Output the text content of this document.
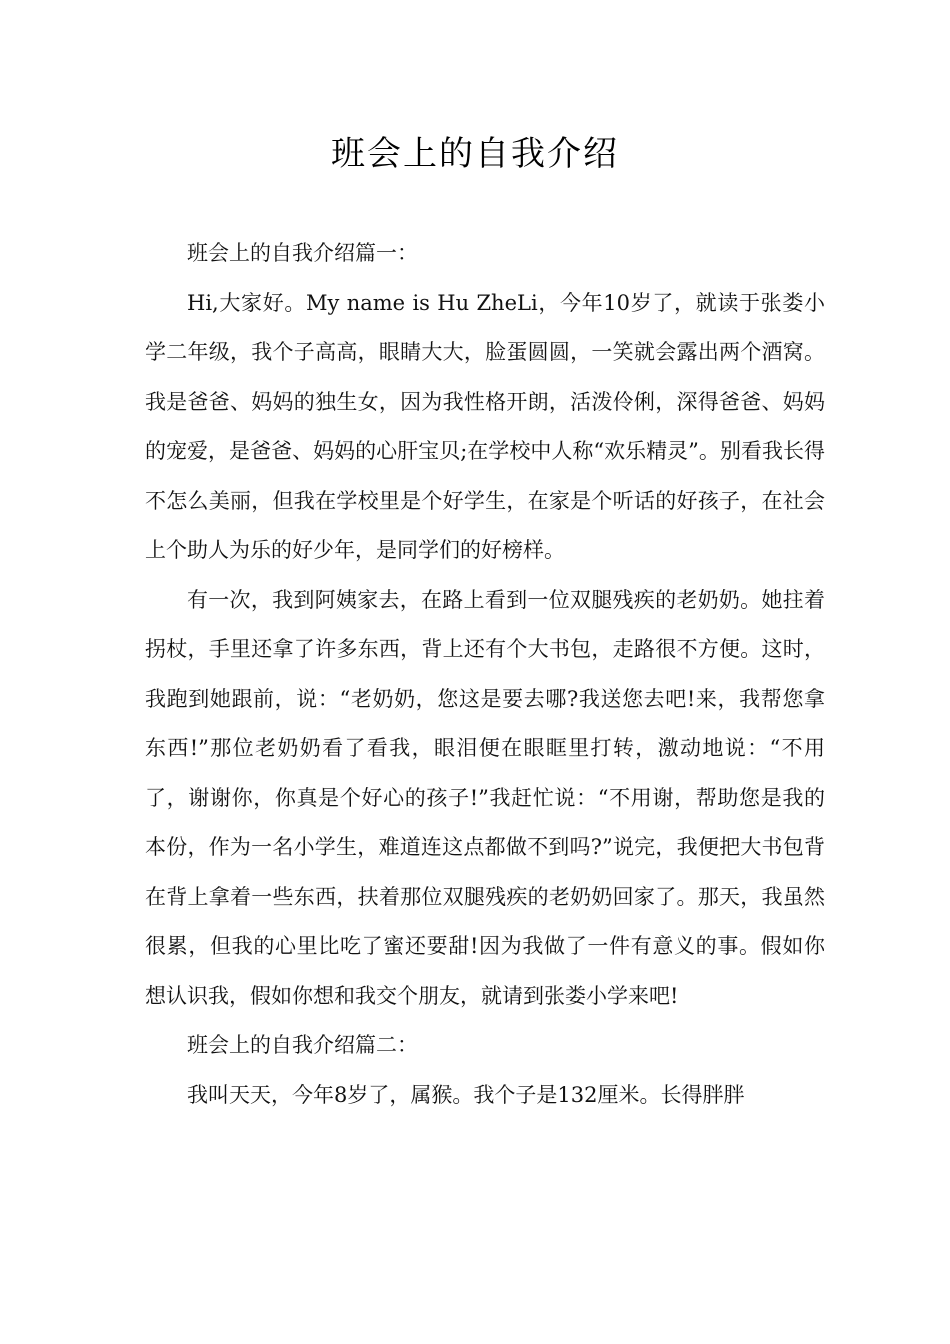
班会上的自我介绍

班会上的自我介绍篇一：

Hi,大家好。My name is Hu ZheLi，今年10岁了，就读于张娄小学二年级，我个子高高，眼睛大大，脸蛋圆圆，一笑就会露出两个酒窝。我是爸爸、妈妈的独生女，因为我性格开朗，活泼伶俐，深得爸爸、妈妈的宠爱，是爸爸、妈妈的心肝宝贝;在学校中人称“欢乐精灵”。别看我长得不怎么美丽，但我在学校里是个好学生，在家是个听话的好孩子，在社会上个助人为乐的好少年，是同学们的好榜样。

有一次，我到阿姨家去，在路上看到一位双腿残疾的老奶奶。她拄着拐杖，手里还拿了许多东西，背上还有个大书包，走路很不方便。这时，我跑到她跟前，说：“老奶奶，您这是要去哪?我送您去吧!来，我帮您拿东西!”那位老奶奶看了看我，眼泪便在眼眶里打转，激动地说：“不用了，谢谢你，你真是个好心的孩子!”我赶忙说：“不用谢，帮助您是我的本份，作为一名小学生，难道连这点都做不到吗?”说完，我便把大书包背在背上拿着一些东西，扶着那位双腿残疾的老奶奶回家了。那天，我虽然很累，但我的心里比吃了蜜还要甜!因为我做了一件有意义的事。假如你想认识我，假如你想和我交个朋友，就请到张娄小学来吧!

班会上的自我介绍篇二：

我叫天天，今年8岁了，属猴。我个子是132厘米。长得胖胖
